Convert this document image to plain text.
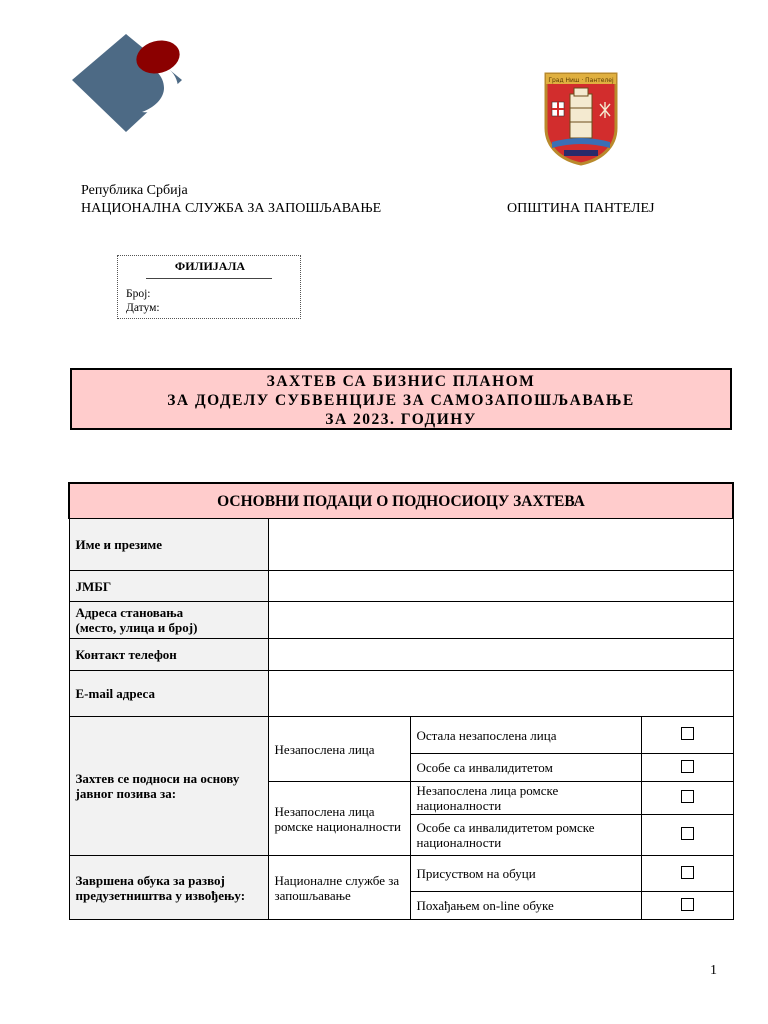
Град Ниш · Пантелеј
Република Србија
НАЦИОНАЛНА СЛУЖБА ЗА ЗАПОШЉАВАЊЕ	ОПШТИНА ПАНТЕЛЕЈ
ФИЛИЈАЛА
Број:
Датум:
ЗАХТЕВ СА БИЗНИС ПЛАНОМ
ЗА ДОДЕЛУ СУБВЕНЦИЈЕ ЗА САМОЗАПОШЉАВАЊЕ
ЗА 2023. ГОДИНУ
ОСНОВНИ ПОДАЦИ О ПОДНОСИОЦУ ЗАХТЕВА			
Име и презиме			
ЈМБГ			

Адреса становања
(место, улица и број)			

Контакт телефон			
E-mail адреса			
Захтев се подноси на основу јавног позива за:	Незапослена лица	Остала незапослена лица	
		Особе са инвалидитетом	
	Незапослена лица ромске националности	Незапослена лица ромске националности	
		Особе са инвалидитетом ромске националности	
Завршена обука за развој предузетништва у извођењу:	Националне службе за запошљавање	Присуством на обуци	
		Похађањем on-line обуке	
1
